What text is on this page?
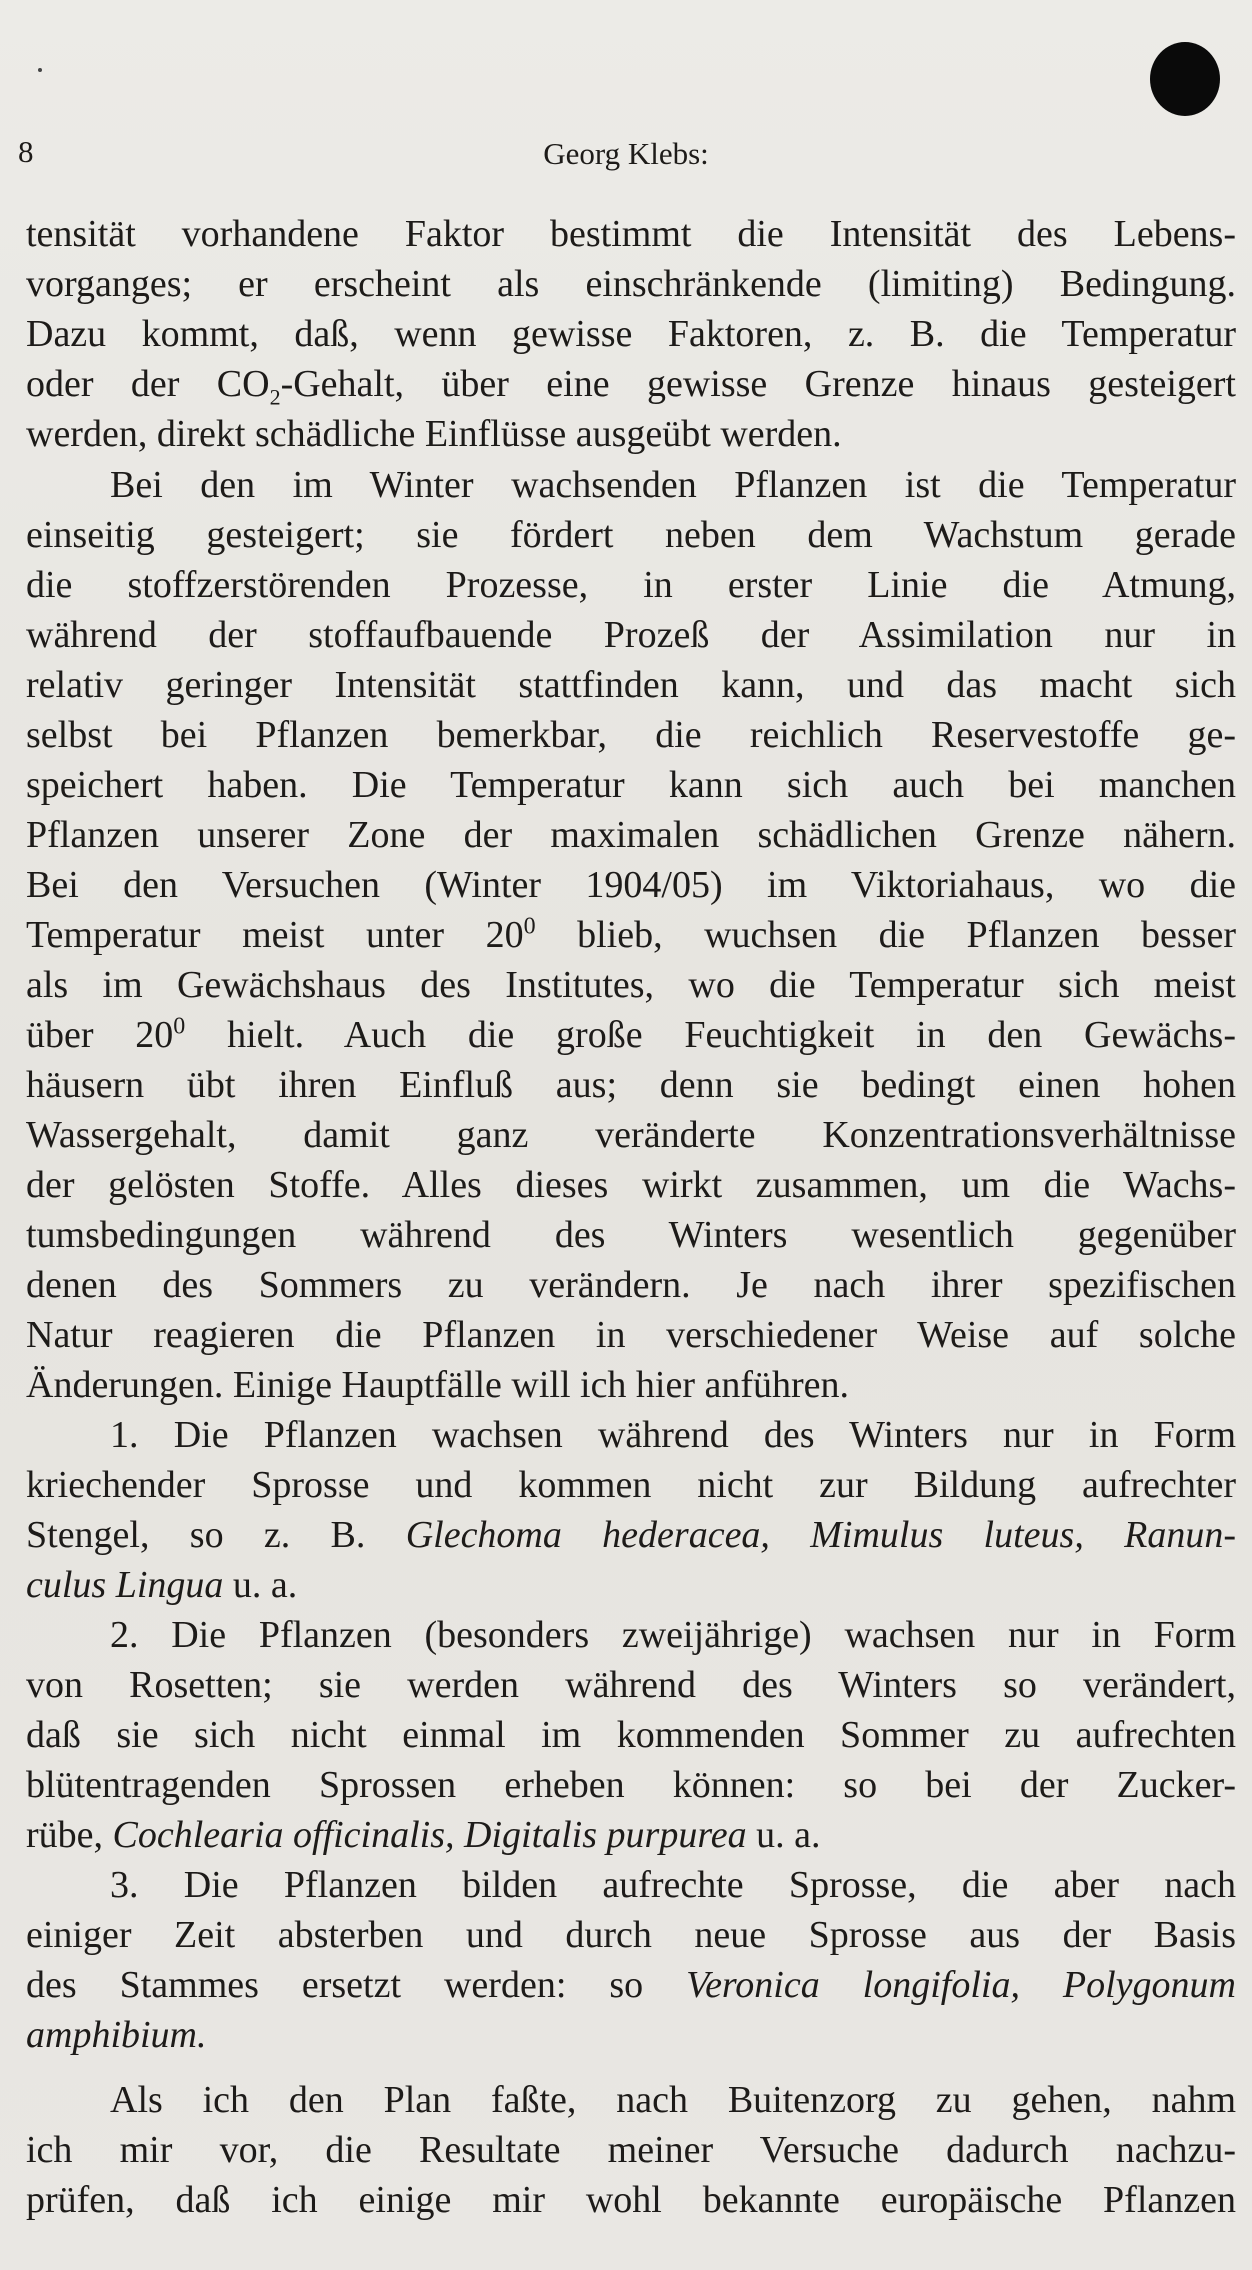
8	Georg Klebs:
tensität vorhandene Faktor bestimmt die Intensität des Lebens-
vorganges; er erscheint als einschränkende (limiting) Bedingung.
Dazu kommt, daß, wenn gewisse Faktoren, z. B. die Temperatur
oder der $CO_2$-Gehalt, über eine gewisse Grenze hinaus gesteigert
werden, direkt schädliche Einflüsse ausgeübt werden.
Bei den im Winter wachsenden Pflanzen ist die Temperatur
einseitig gesteigert; sie fördert neben dem Wachstum gerade
die stoffzerstörenden Prozesse, in erster Linie die Atmung,
während der stoffaufbauende Prozeß der Assimilation nur in
relativ geringer Intensität stattfinden kann, und das macht sich
selbst bei Pflanzen bemerkbar, die reichlich Reservestoffe ge-
speichert haben. Die Temperatur kann sich auch bei manchen
Pflanzen unserer Zone der maximalen schädlichen Grenze nähern.
Bei den Versuchen (Winter 1904/05) im Viktoriahaus, wo die
Temperatur meist unter $20^0$ blieb, wuchsen die Pflanzen besser
als im Gewächshaus des Institutes, wo die Temperatur sich meist
über $20^0$ hielt. Auch die große Feuchtigkeit in den Gewächs-
häusern übt ihren Einfluß aus; denn sie bedingt einen hohen
Wassergehalt, damit ganz veränderte Konzentrationsverhältnisse
der gelösten Stoffe. Alles dieses wirkt zusammen, um die Wachs-
tumsbedingungen während des Winters wesentlich gegenüber
denen des Sommers zu verändern. Je nach ihrer spezifischen
Natur reagieren die Pflanzen in verschiedener Weise auf solche
Änderungen. Einige Hauptfälle will ich hier anführen.
1. Die Pflanzen wachsen während des Winters nur in Form
kriechender Sprosse und kommen nicht zur Bildung aufrechter
Stengel, so z. B. Glechoma hederacea, Mimulus luteus, Ranun-
culus Lingua u. a.
2. Die Pflanzen (besonders zweijährige) wachsen nur in Form
von Rosetten; sie werden während des Winters so verändert,
daß sie sich nicht einmal im kommenden Sommer zu aufrechten
blütentragenden Sprossen erheben können: so bei der Zucker-
rübe, Cochlearia officinalis, Digitalis purpurea u. a.
3. Die Pflanzen bilden aufrechte Sprosse, die aber nach
einiger Zeit absterben und durch neue Sprosse aus der Basis
des Stammes ersetzt werden: so Veronica longifolia, Polygonum
amphibium.
Als ich den Plan faßte, nach Buitenzorg zu gehen, nahm
ich mir vor, die Resultate meiner Versuche dadurch nachzu-
prüfen, daß ich einige mir wohl bekannte europäische Pflanzen
